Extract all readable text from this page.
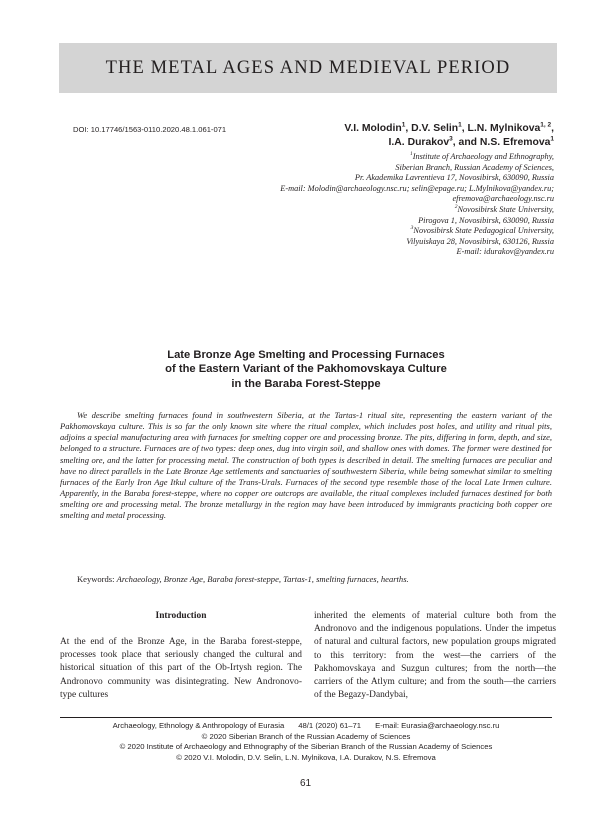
THE METAL AGES AND MEDIEVAL PERIOD
DOI: 10.17746/1563-0110.2020.48.1.061-071	V.I. Molodin$^1$, D.V. Selin$^1$, L.N. Mylnikova$^{1, 2}$,
I.A. Durakov$^3$, and N.S. Efremova$^1$
$^1$Institute of Archaeology and Ethnography,
Siberian Branch, Russian Academy of Sciences,
Pr. Akademika Lavrentieva 17, Novosibirsk, 630090, Russia
E-mail: Molodin@archaeology.nsc.ru; selin@epage.ru; L.Mylnikova@yandex.ru;
efremova@archaeology.nsc.ru
$^2$Novosibirsk State University,
Pirogova 1, Novosibirsk, 630090, Russia
$^3$Novosibirsk State Pedagogical University,
Vilyuiskaya 28, Novosibirsk, 630126, Russia
E-mail: idurakov@yandex.ru
Late Bronze Age Smelting and Processing Furnaces
of the Eastern Variant of the Pakhomovskaya Culture
in the Baraba Forest-Steppe

We describe smelting furnaces found in southwestern Siberia, at the Tartas-1 ritual site, representing the eastern variant of the Pakhomovskaya culture. This is so far the only known site where the ritual complex, which includes post holes, and utility and ritual pits, adjoins a special manufacturing area with furnaces for smelting copper ore and processing bronze. The pits, differing in form, depth, and size, belonged to a structure. Furnaces are of two types: deep ones, dug into virgin soil, and shallow ones with domes. The former were destined for smelting ore, and the latter for processing metal. The construction of both types is described in detail. The smelting furnaces are peculiar and have no direct parallels in the Late Bronze Age settlements and sanctuaries of southwestern Siberia, while being somewhat similar to smelting furnaces of the Early Iron Age Itkul culture of the Trans-Urals. Furnaces of the second type resemble those of the local Late Irmen culture. Apparently, in the Baraba forest-steppe, where no copper ore outcrops are available, the ritual complexes included furnaces destined for both smelting ore and processing metal. The bronze metallurgy in the region may have been introduced by immigrants practicing both copper ore smelting and metal processing.

Keywords: Archaeology, Bronze Age, Baraba forest-steppe, Tartas-1, smelting furnaces, hearths.
Introduction

At the end of the Bronze Age, in the Baraba forest-steppe, processes took place that seriously changed the cultural and historical situation of this part of the Ob-Irtysh region. The Andronovo community was disintegrating. New Andronovo-type cultures

inherited the elements of material culture both from the Andronovo and the indigenous populations. Under the impetus of natural and cultural factors, new population groups migrated to this territory: from the west—the carriers of the Pakhomovskaya and Suzgun cultures; from the north—the carriers of the Atlym culture; and from the south—the carriers of the Begazy-Dandybai,

Archaeology, Ethnology & Anthropology of Eurasia 48/1 (2020) 61–71 E-mail: Eurasia@archaeology.nsc.ru
© 2020 Siberian Branch of the Russian Academy of Sciences
© 2020 Institute of Archaeology and Ethnography of the Siberian Branch of the Russian Academy of Sciences
© 2020 V.I. Molodin, D.V. Selin, L.N. Mylnikova, I.A. Durakov, N.S. Efremova
61
